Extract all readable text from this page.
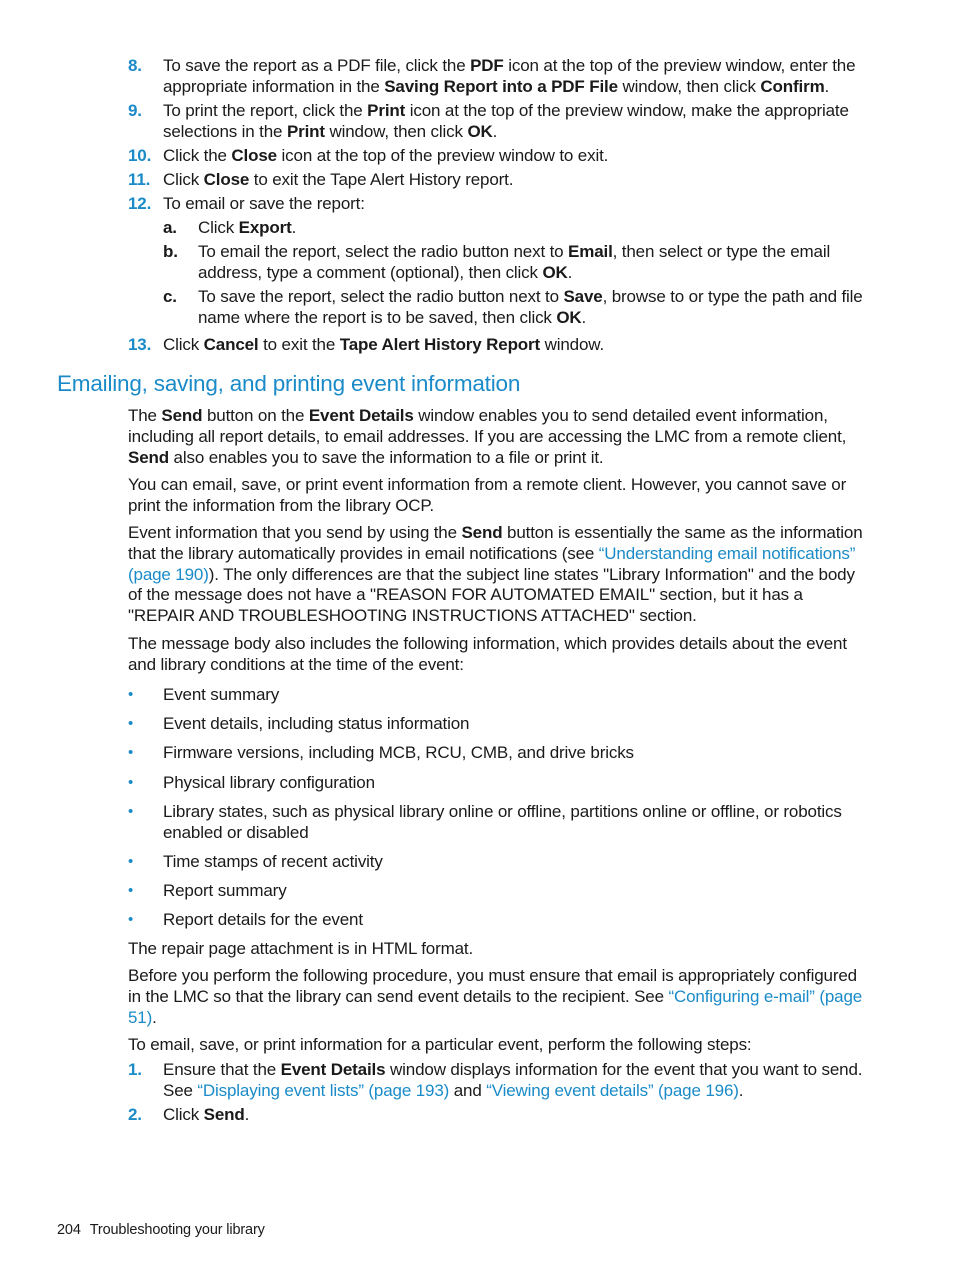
8. To save the report as a PDF file, click the PDF icon at the top of the preview window, enter the appropriate information in the Saving Report into a PDF File window, then click Confirm.
9. To print the report, click the Print icon at the top of the preview window, make the appropriate selections in the Print window, then click OK.
10. Click the Close icon at the top of the preview window to exit.
11. Click Close to exit the Tape Alert History report.
12. To email or save the report:
a. Click Export.
b. To email the report, select the radio button next to Email, then select or type the email address, type a comment (optional), then click OK.
c. To save the report, select the radio button next to Save, browse to or type the path and file name where the report is to be saved, then click OK.
13. Click Cancel to exit the Tape Alert History Report window.
Emailing, saving, and printing event information
The Send button on the Event Details window enables you to send detailed event information, including all report details, to email addresses. If you are accessing the LMC from a remote client, Send also enables you to save the information to a file or print it.
You can email, save, or print event information from a remote client. However, you cannot save or print the information from the library OCP.
Event information that you send by using the Send button is essentially the same as the information that the library automatically provides in email notifications (see “Understanding email notifications” (page 190)). The only differences are that the subject line states "Library Information" and the body of the message does not have a "REASON FOR AUTOMATED EMAIL" section, but it has a "REPAIR AND TROUBLESHOOTING INSTRUCTIONS ATTACHED" section.
The message body also includes the following information, which provides details about the event and library conditions at the time of the event:
• Event summary
• Event details, including status information
• Firmware versions, including MCB, RCU, CMB, and drive bricks
• Physical library configuration
• Library states, such as physical library online or offline, partitions online or offline, or robotics enabled or disabled
• Time stamps of recent activity
• Report summary
• Report details for the event
The repair page attachment is in HTML format.
Before you perform the following procedure, you must ensure that email is appropriately configured in the LMC so that the library can send event details to the recipient. See “Configuring e-mail” (page 51).
To email, save, or print information for a particular event, perform the following steps:
1. Ensure that the Event Details window displays information for the event that you want to send. See “Displaying event lists” (page 193) and “Viewing event details” (page 196).
2. Click Send.
204 Troubleshooting your library
